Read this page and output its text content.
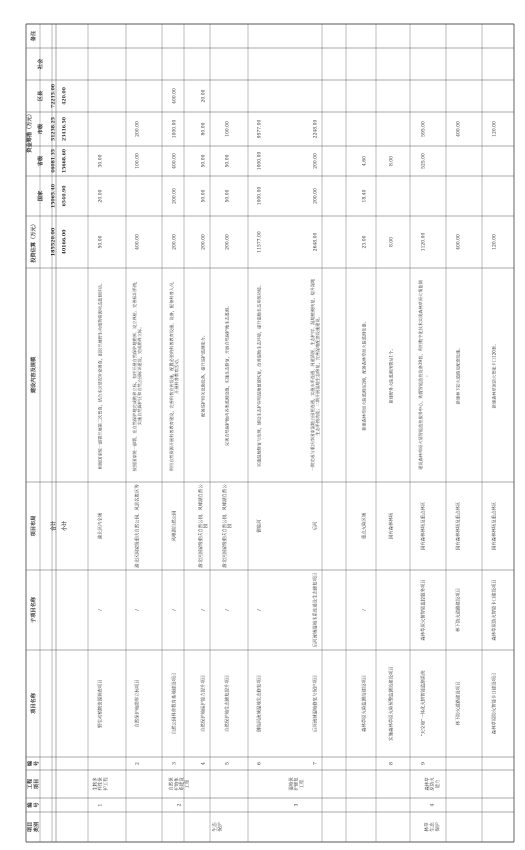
项目 类别
编 号
工程 项目
编 号
项目名称
子项目名称
项目布局
建设内容及规模
投资估算（万元）
资金筹措（万元）
国家
省级
市级
区县
社会
备注
合计
185520.00
15065.40
46081.35
51238.25
72215.00
小计
40166.00
6540.90
15668.60
23416.50
420.00
野生动植物资源调查项目
/
渝北区内全域
根据国家统一部署开展第二次普查，结合本区情况补充调查，组织开展野生动植物资源动态监测评估。
50.00
20.00
30.00
2
自然保护地勘界立标项目
/
渝北区国家级重庆自然公园、风景名胜区等
按照国家统一部署，在自然保护地完成勘界立标，有序开展自然保护地勘界、设立界桩、完善标识系统， 实施自然保护区和自然公园标识建设，完成勘界立标。
400.00
100.00
200.00
3
自然公园科普教育基地建设项目
/
风峰湖自然公园
利用自然资源开展科普教育建设，完善科普宣传设施，配置必要的科普教育设施、设备，配备科普人员， 开展科普教育活动。
200.00
200.00
400.00
1000.00
400.00
4
自然保护地巡护能力提升项目
/
渝北区国家级重庆自然公园、风峰湖自然公 园
配备巡护相关设施设备，提升巡护监测能力。
200.00
50.00
50.00
80.00
20.00
5
自然保护地生态修复提升项目
/
渝北区国家级重庆自然公园、风峰湖自然公 园
完善自然保护地内各类监测设施，实施生态修复，开展自然保护地生态监测。
200.00
50.00
50.00
100.00
6
御临河流域湿地生态修复项目
/
御临河
实施湿地修复与治理，建设生态护岸和湿地植被恢复，改善湿地生态环境，提升湿地生态系统功能。
11577.00
1000.00
1000.00
9577.00
7
后河流域湿地修复与保护项目
后河流域湿地水系连通及生态修复项目
后河
一期完成与重庆市国家湿地公园相连通，实施水系连通、河道清淤、生态护岸、湿地植被恢复，提升湿地 生态系统功能；二期开展湿地生态修复，完善湿地配套设施建设。
2648.00
200.00
200.00
2248.00
森林草原火险监测站建设项目
/
重点火险区域
新建森林草原火险监测站2座，配备森林草原火险监测仪器。
23.00
18.40
4.60
8
实施森林草原火险预警监测站建设项目
国有森林林场
新建野外火险监测预警站1个。
8.00
8.00
9
“天空地”一体化火情智能监测系统
森林草原火情智能监控服务项目
国有森林林场及重点林区
建设森林草原火情智能监控服务中心，购置智能监控设备39套，利用数字化技术实现森林草原火情监测 。
1120.00
525.00
595.00
林下防火道路建设项目
林下防火道路建设项目
国有森林林场及重点林区
新建林下防火道路及配套设施。
400.00
400.00
森林草原防火智能卡口建设项目
森林草原防火智能卡口建设项目
国有森林林场及重点林区
新建森林草原防火智能卡口120套。
120.00
120.00
1
生物多 样性保 护工程
2
自然保 护地体 系建设 工程
3
湿地保 护修复 工程
4
森林草 原防火 能力
生态 保护	林草 生态 保护
